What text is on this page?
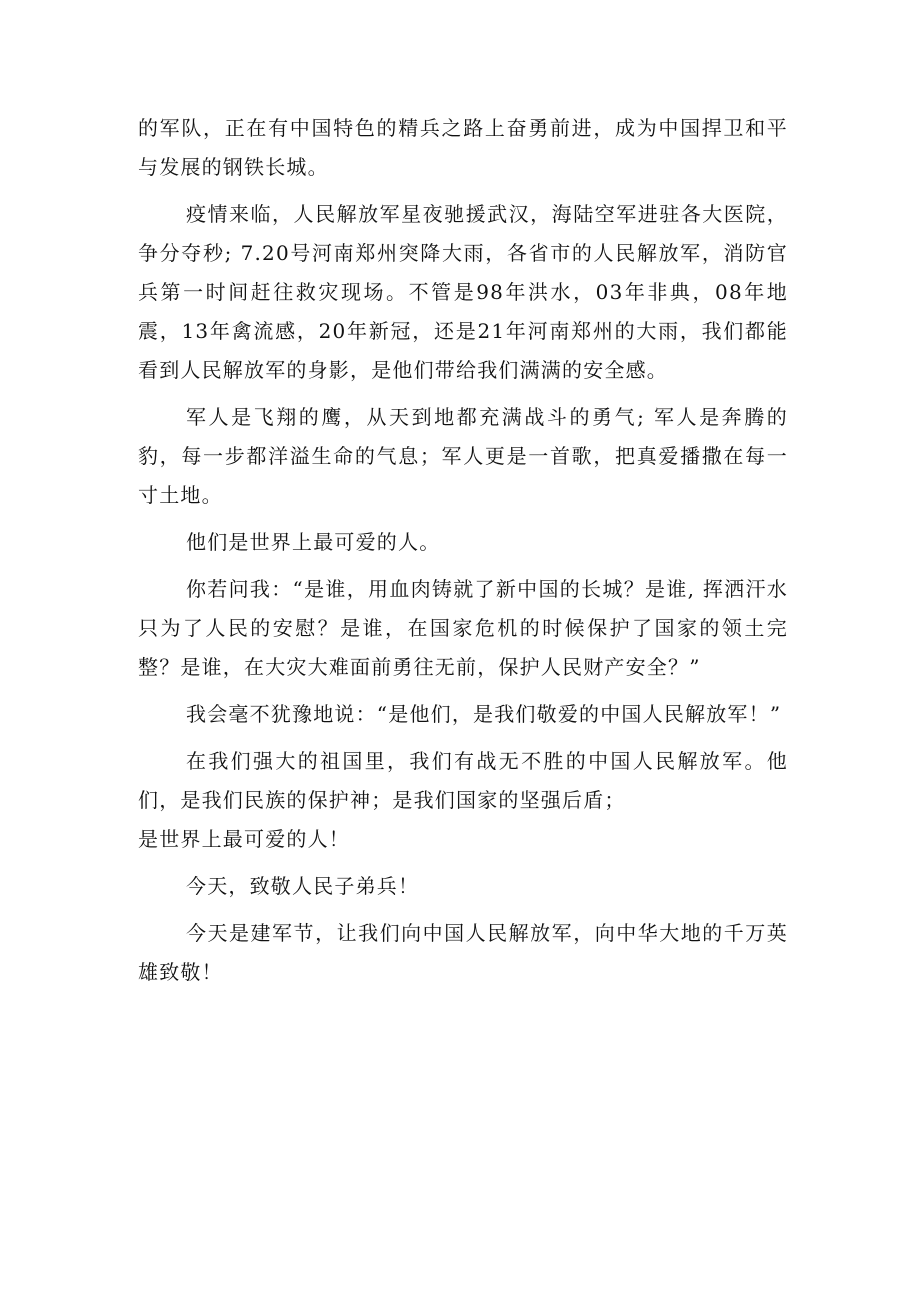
的军队，正在有中国特色的精兵之路上奋勇前进，成为中国捍卫和平与发展的钢铁长城。

疫情来临，人民解放军星夜驰援武汉，海陆空军进驻各大医院，争分夺秒; 7.20号河南郑州突降大雨，各省市的人民解放军，消防官兵第一时间赶往救灾现场。不管是98年洪水，03年非典，08年地震，13年禽流感，20年新冠，还是21年河南郑州的大雨，我们都能看到人民解放军的身影，是他们带给我们满满的安全感。

军人是飞翔的鹰，从天到地都充满战斗的勇气; 军人是奔腾的豹，每一步都洋溢生命的气息；军人更是一首歌，把真爱播撒在每一寸土地。

他们是世界上最可爱的人。

你若问我：“是谁，用血肉铸就了新中国的长城？是谁, 挥洒汗水只为了人民的安慰？是谁，在国家危机的时候保护了国家的领土完整？是谁，在大灾大难面前勇往无前，保护人民财产安全？”

我会毫不犹豫地说：“是他们，是我们敬爱的中国人民解放军！”

在我们强大的祖国里，我们有战无不胜的中国人民解放军。他们，是我们民族的保护神；是我们国家的坚强后盾；

是世界上最可爱的人！

今天，致敬人民子弟兵！

今天是建军节，让我们向中国人民解放军，向中华大地的千万英雄致敬！
